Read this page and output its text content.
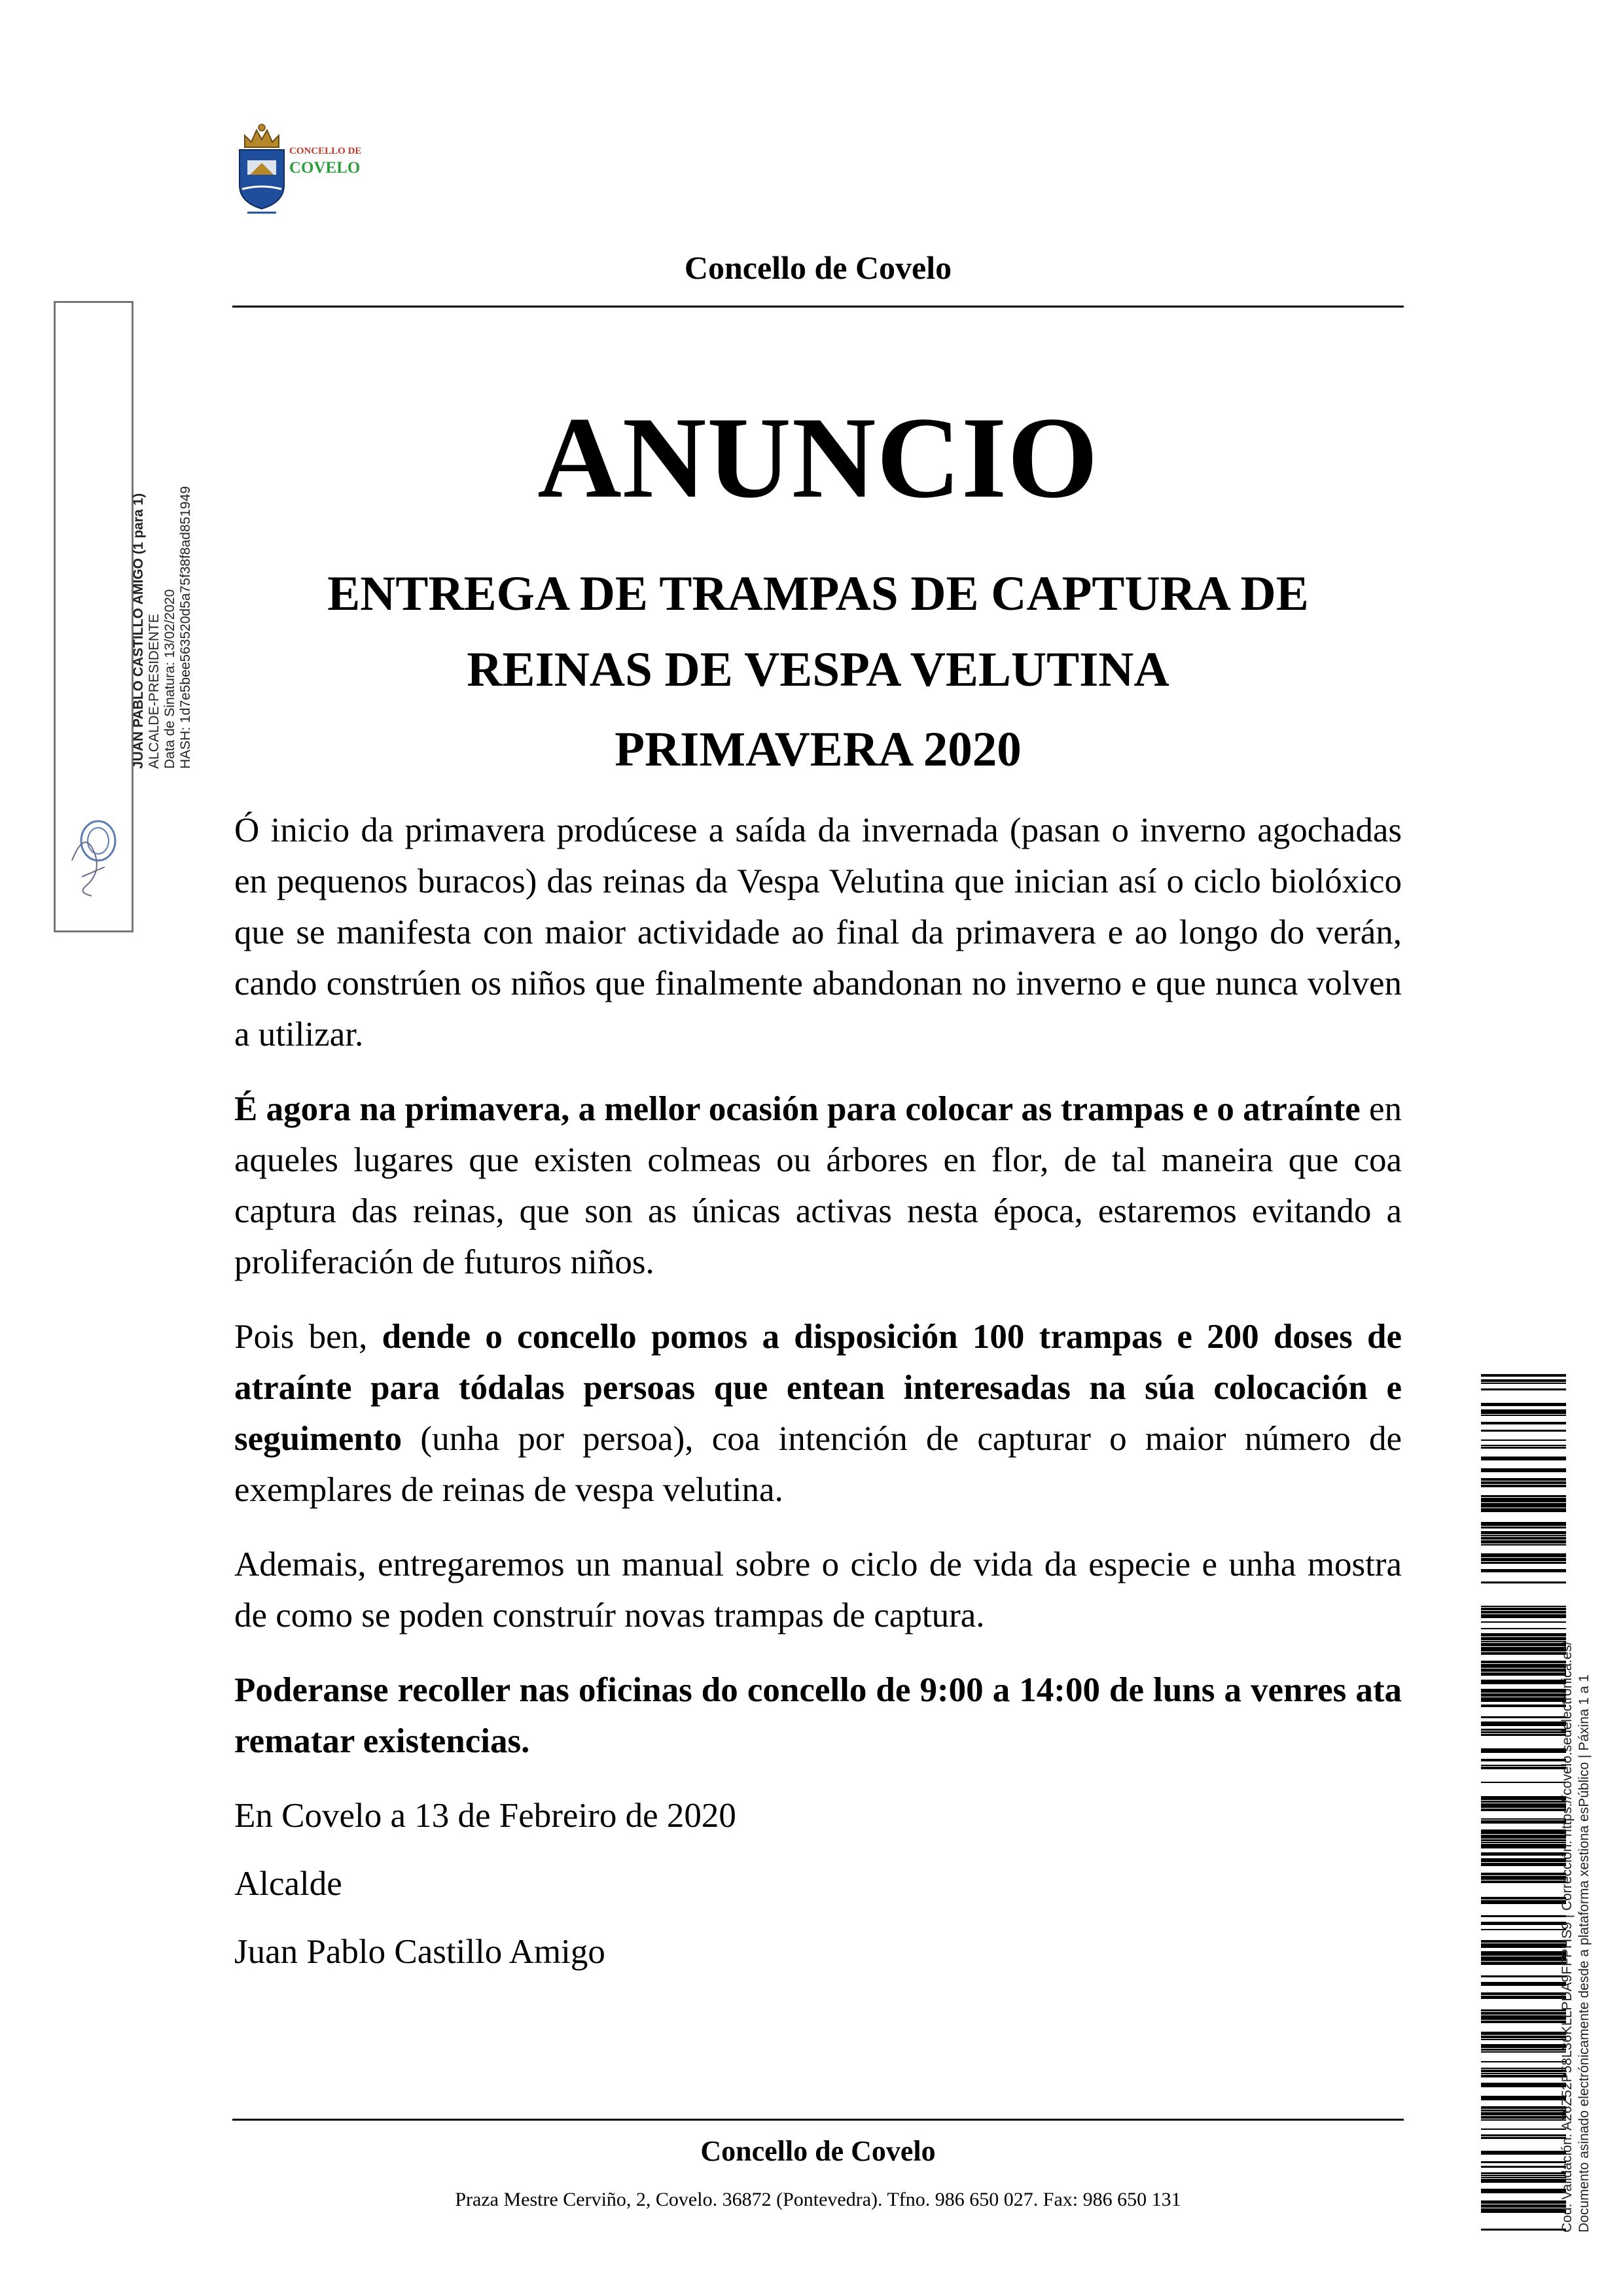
CONCELLO DE
COVELO
Concello de Covelo
ANUNCIO
ENTREGA DE TRAMPAS DE CAPTURA DE
REINAS DE VESPA VELUTINA
PRIMAVERA 2020

Ó inicio da primavera prodúcese a saída da invernada (pasan o inverno agochadas en pequenos buracos) das reinas da Vespa Velutina que inician así o ciclo biolóxico que se manifesta con maior actividade ao final da primavera e ao longo do verán, cando constrúen os niños que finalmente abandonan no inverno e que nunca volven a utilizar.

É agora na primavera, a mellor ocasión para colocar as trampas e o atraínte en aqueles lugares que existen colmeas ou árbores en flor, de tal maneira que coa captura das reinas, que son as únicas activas nesta época, estaremos evitando a proliferación de futuros niños.

Pois ben, dende o concello pomos a disposición 100 trampas e 200 doses de atraínte para tódalas persoas que entean interesadas na súa colocación e seguimento (unha por persoa), coa intención de capturar o maior número de exemplares de reinas de vespa velutina.

Ademais, entregaremos un manual sobre o ciclo de vida da especie e unha mostra de como se poden construír novas trampas de captura.

Poderanse recoller nas oficinas do concello de 9:00 a 14:00 de luns a venres ata rematar existencias.

En Covelo a 13 de Febreiro de 2020

Alcalde

Juan Pablo Castillo Amigo

Concello de Covelo
Praza Mestre Cerviño, 2, Covelo. 36872 (Pontevedra). Tfno. 986 650 027. Fax: 986 650 131
JUAN PABLO CASTILLO AMIGO (1 para 1) ALCALDE-PRESIDENTE Data de Sinatura: 13/02/2020 HASH: 1d7e5bee563520d5a75f38f8ad851949
Cod. Validación: A26Z52P58L36KLLPDA9FFPHS9 | Corrección: https://covelo.sedelectronica.es/ Documento asinado electrónicamente desde a plataforma xestiona esPúblico | Páxina 1 a 1
